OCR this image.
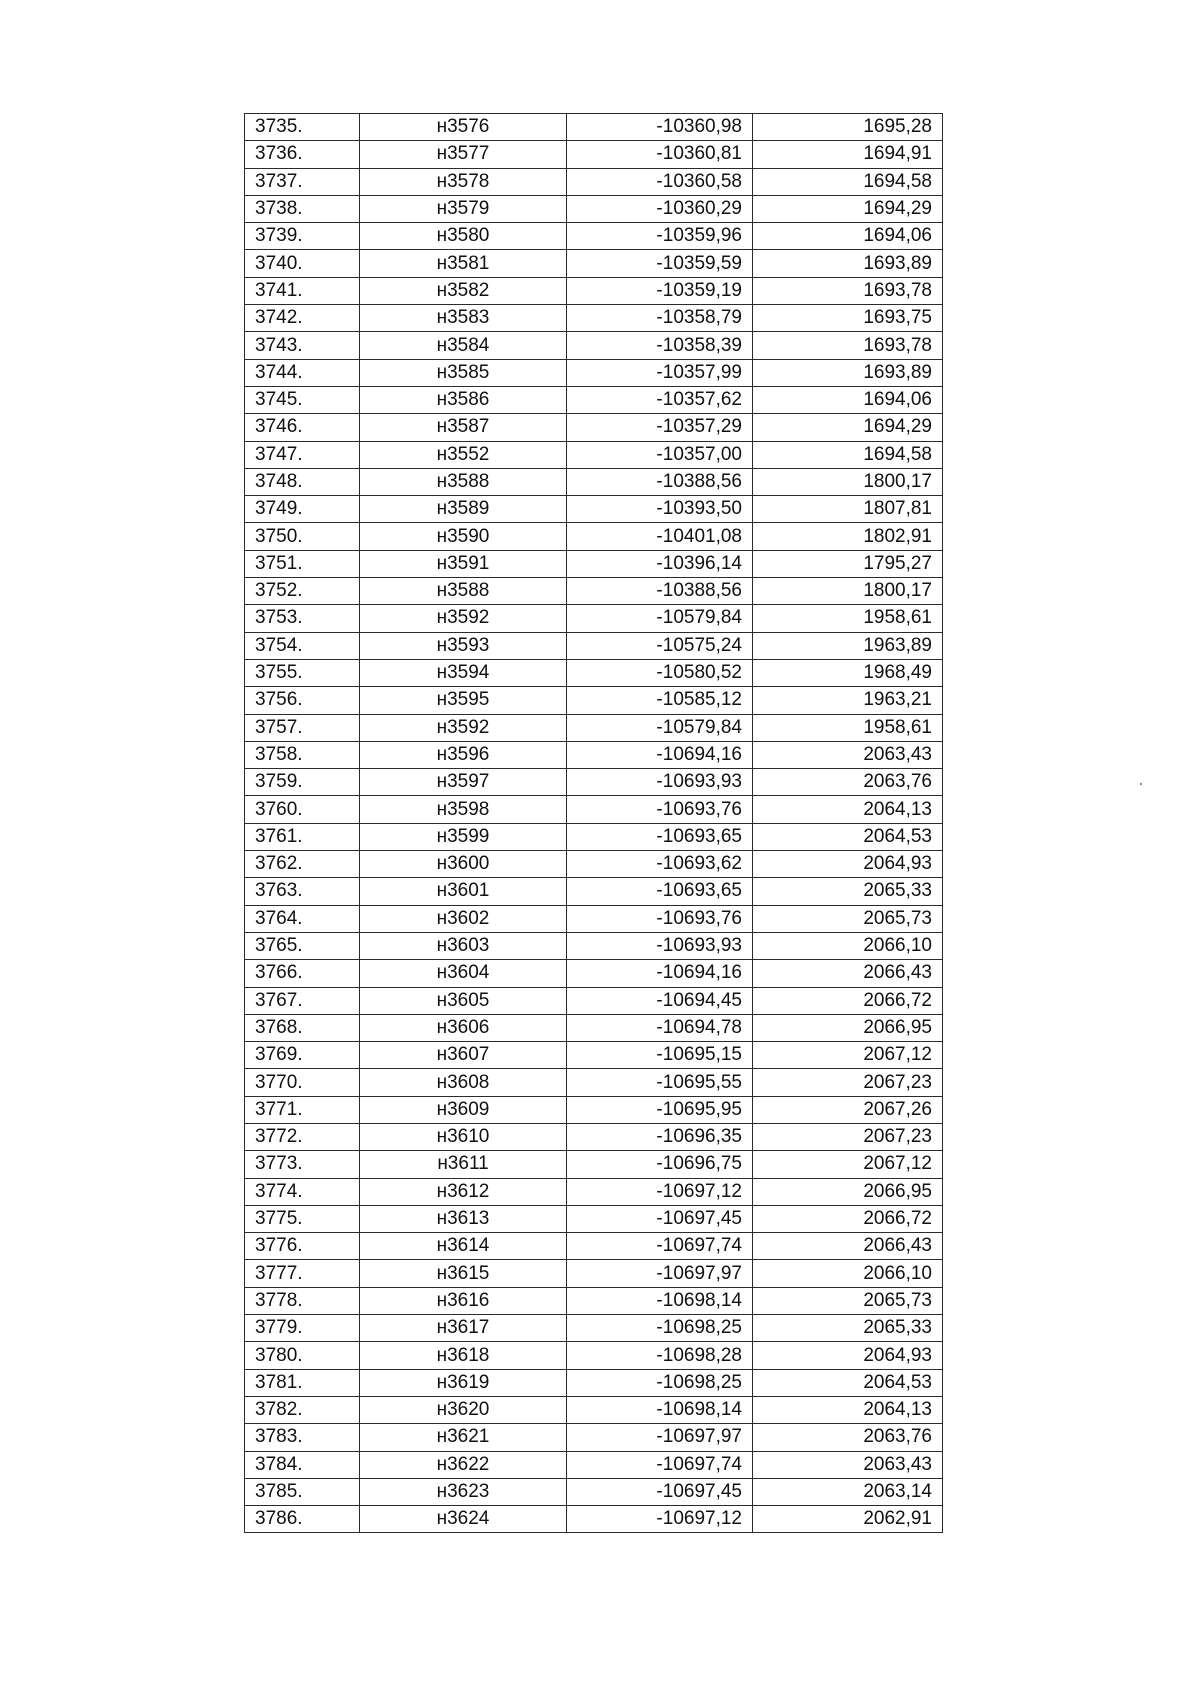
3735.	н3576	-10360,98	1695,28
3736.	н3577	-10360,81	1694,91
3737.	н3578	-10360,58	1694,58
3738.	н3579	-10360,29	1694,29
3739.	н3580	-10359,96	1694,06
3740.	н3581	-10359,59	1693,89
3741.	н3582	-10359,19	1693,78
3742.	н3583	-10358,79	1693,75
3743.	н3584	-10358,39	1693,78
3744.	н3585	-10357,99	1693,89
3745.	н3586	-10357,62	1694,06
3746.	н3587	-10357,29	1694,29
3747.	н3552	-10357,00	1694,58
3748.	н3588	-10388,56	1800,17
3749.	н3589	-10393,50	1807,81
3750.	н3590	-10401,08	1802,91
3751.	н3591	-10396,14	1795,27
3752.	н3588	-10388,56	1800,17
3753.	н3592	-10579,84	1958,61
3754.	н3593	-10575,24	1963,89
3755.	н3594	-10580,52	1968,49
3756.	н3595	-10585,12	1963,21
3757.	н3592	-10579,84	1958,61
3758.	н3596	-10694,16	2063,43
3759.	н3597	-10693,93	2063,76
3760.	н3598	-10693,76	2064,13
3761.	н3599	-10693,65	2064,53
3762.	н3600	-10693,62	2064,93
3763.	н3601	-10693,65	2065,33
3764.	н3602	-10693,76	2065,73
3765.	н3603	-10693,93	2066,10
3766.	н3604	-10694,16	2066,43
3767.	н3605	-10694,45	2066,72
3768.	н3606	-10694,78	2066,95
3769.	н3607	-10695,15	2067,12
3770.	н3608	-10695,55	2067,23
3771.	н3609	-10695,95	2067,26
3772.	н3610	-10696,35	2067,23
3773.	н3611	-10696,75	2067,12
3774.	н3612	-10697,12	2066,95
3775.	н3613	-10697,45	2066,72
3776.	н3614	-10697,74	2066,43
3777.	н3615	-10697,97	2066,10
3778.	н3616	-10698,14	2065,73
3779.	н3617	-10698,25	2065,33
3780.	н3618	-10698,28	2064,93
3781.	н3619	-10698,25	2064,53
3782.	н3620	-10698,14	2064,13
3783.	н3621	-10697,97	2063,76
3784.	н3622	-10697,74	2063,43
3785.	н3623	-10697,45	2063,14
3786.	н3624	-10697,12	2062,91
